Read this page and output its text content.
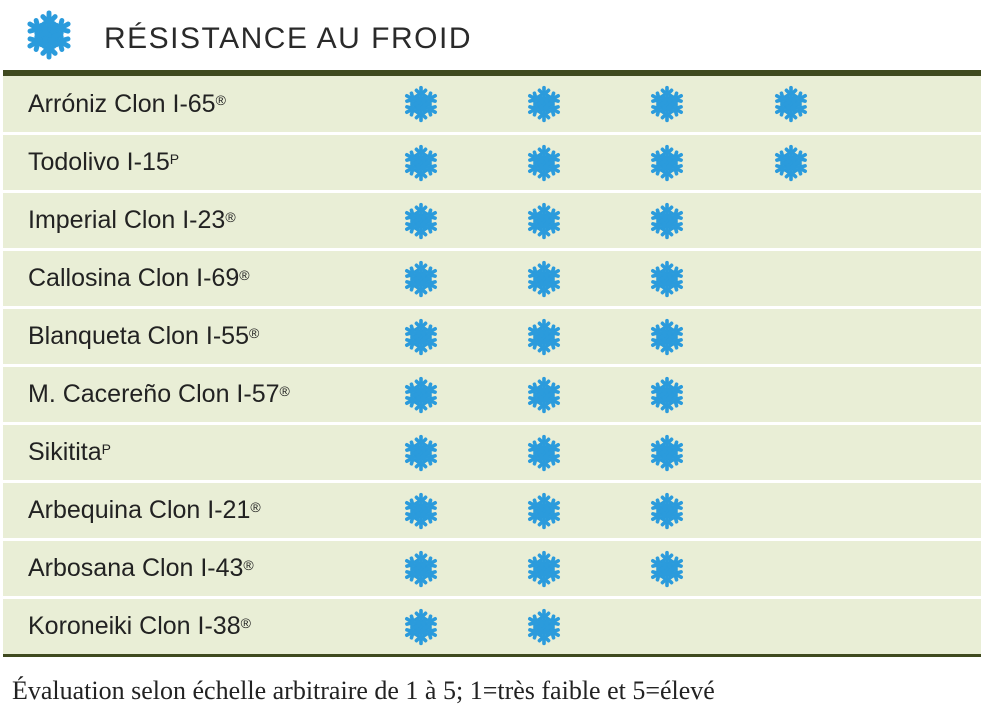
RÉSISTANCE AU FROID
Arróniz Clon I-65®
Todolivo $I-15^P$
Imperial Clon I-23®
Callosina Clon I-69®
Blanqueta Clon I-55®
M. Cacereño Clon I-57®
Sikitita$^P$
Arbequina Clon I-21®
Arbosana Clon I-43®
Koroneiki Clon I-38®
Évaluation selon échelle arbitraire de 1 à 5; 1=très faible et 5=élevé
